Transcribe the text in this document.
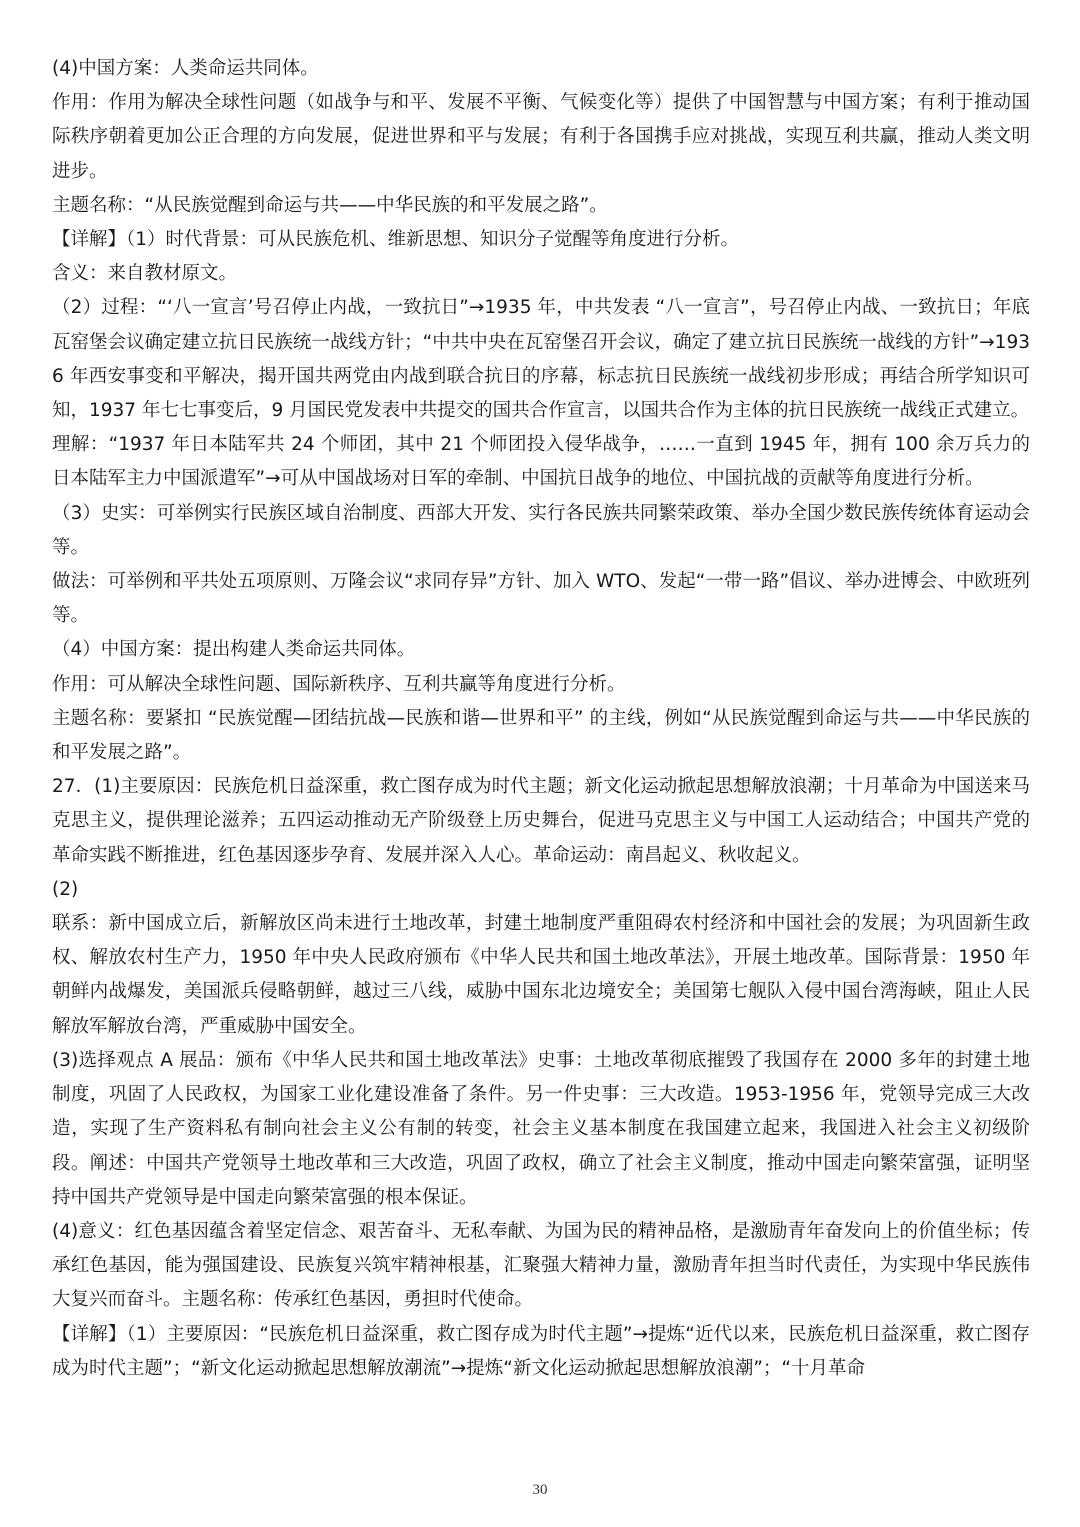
(4)中国方案：人类命运共同体。

作用：作用为解决全球性问题（如战争与和平、发展不平衡、气候变化等）提供了中国智慧与中国方案；有利于推动国际秩序朝着更加公正合理的方向发展，促进世界和平与发展；有利于各国携手应对挑战，实现互利共赢，推动人类文明进步。

主题名称：“从民族觉醒到命运与共——中华民族的和平发展之路”。

【详解】（1）时代背景：可从民族危机、维新思想、知识分子觉醒等角度进行分析。

含义：来自教材原文。

（2）过程：“‘八一宣言’号召停止内战，一致抗日”→1935 年，中共发表 “八一宣言”，号召停止内战、一致抗日；年底瓦窑堡会议确定建立抗日民族统一战线方针；“中共中央在瓦窑堡召开会议，确定了建立抗日民族统一战线的方针”→1936 年西安事变和平解决，揭开国共两党由内战到联合抗日的序幕，标志抗日民族统一战线初步形成；再结合所学知识可知，1937 年七七事变后，9 月国民党发表中共提交的国共合作宣言，以国共合作为主体的抗日民族统一战线正式建立。

理解：“1937 年日本陆军共 24 个师团，其中 21 个师团投入侵华战争，……一直到 1945 年，拥有 100 余万兵力的日本陆军主力中国派遣军”→可从中国战场对日军的牵制、中国抗日战争的地位、中国抗战的贡献等角度进行分析。

（3）史实：可举例实行民族区域自治制度、西部大开发、实行各民族共同繁荣政策、举办全国少数民族传统体育运动会等。

做法：可举例和平共处五项原则、万隆会议“求同存异”方针、加入 WTO、发起“一带一路”倡议、举办进博会、中欧班列等。

（4）中国方案：提出构建人类命运共同体。

作用：可从解决全球性问题、国际新秩序、互利共赢等角度进行分析。

主题名称：要紧扣 “民族觉醒—团结抗战—民族和谐—世界和平” 的主线，例如“从民族觉醒到命运与共——中华民族的和平发展之路”。

27．(1)主要原因：民族危机日益深重，救亡图存成为时代主题；新文化运动掀起思想解放浪潮；十月革命为中国送来马克思主义，提供理论滋养；五四运动推动无产阶级登上历史舞台，促进马克思主义与中国工人运动结合；中国共产党的革命实践不断推进，红色基因逐步孕育、发展并深入人心。革命运动：南昌起义、秋收起义。

(2)

联系：新中国成立后，新解放区尚未进行土地改革，封建土地制度严重阻碍农村经济和中国社会的发展；为巩固新生政权、解放农村生产力，1950 年中央人民政府颁布《中华人民共和国土地改革法》，开展土地改革。国际背景：1950 年朝鲜内战爆发，美国派兵侵略朝鲜，越过三八线，威胁中国东北边境安全；美国第七舰队入侵中国台湾海峡，阻止人民解放军解放台湾，严重威胁中国安全。

(3)选择观点 A 展品：颁布《中华人民共和国土地改革法》史事：土地改革彻底摧毁了我国存在 2000 多年的封建土地制度，巩固了人民政权，为国家工业化建设准备了条件。另一件史事：三大改造。1953-1956 年，党领导完成三大改造，实现了生产资料私有制向社会主义公有制的转变，社会主义基本制度在我国建立起来，我国进入社会主义初级阶段。阐述：中国共产党领导土地改革和三大改造，巩固了政权，确立了社会主义制度，推动中国走向繁荣富强，证明坚持中国共产党领导是中国走向繁荣富强的根本保证。

(4)意义：红色基因蕴含着坚定信念、艰苦奋斗、无私奉献、为国为民的精神品格，是激励青年奋发向上的价值坐标；传承红色基因，能为强国建设、民族复兴筑牢精神根基，汇聚强大精神力量，激励青年担当时代责任，为实现中华民族伟大复兴而奋斗。主题名称：传承红色基因，勇担时代使命。

【详解】（1）主要原因：“民族危机日益深重，救亡图存成为时代主题”→提炼“近代以来，民族危机日益深重，救亡图存成为时代主题”；“新文化运动掀起思想解放潮流”→提炼“新文化运动掀起思想解放浪潮”；“十月革命

30
